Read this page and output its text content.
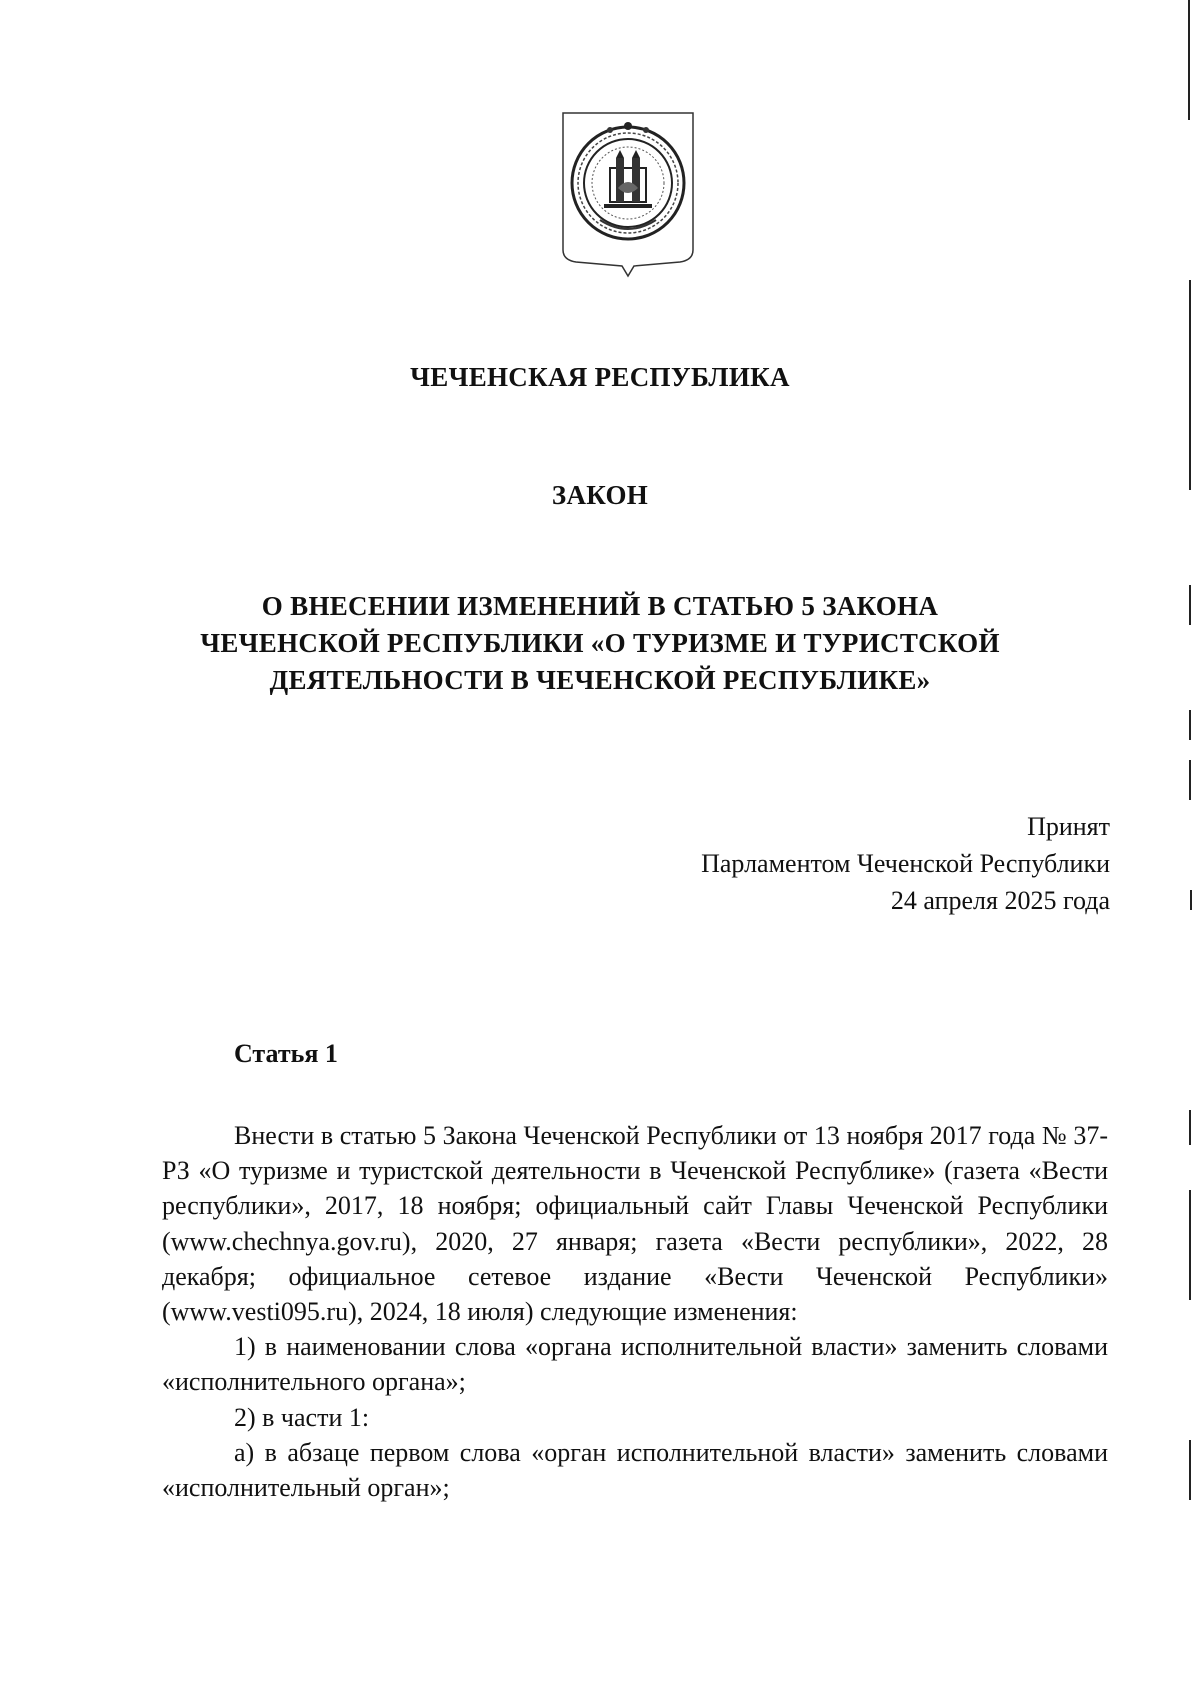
ЧЕЧЕНСКАЯ РЕСПУБЛИКА
ЗАКОН
О ВНЕСЕНИИ ИЗМЕНЕНИЙ В СТАТЬЮ 5 ЗАКОНА
ЧЕЧЕНСКОЙ РЕСПУБЛИКИ «О ТУРИЗМЕ И ТУРИСТСКОЙ
ДЕЯТЕЛЬНОСТИ В ЧЕЧЕНСКОЙ РЕСПУБЛИКЕ»
Принят
Парламентом Чеченской Республики
24 апреля 2025 года
Статья 1

Внести в статью 5 Закона Чеченской Республики от 13 ноября 2017 года № 37-РЗ «О туризме и туристской деятельности в Чеченской Республике» (газета «Вести республики», 2017, 18 ноября; официальный сайт Главы Чеченской Республики (www.chechnya.gov.ru), 2020, 27 января; газета «Вести республики», 2022, 28 декабря; официальное сетевое издание «Вести Чеченской Республики» (www.vesti095.ru), 2024, 18 июля) следующие изменения:

1) в наименовании слова «органа исполнительной власти» заменить словами «исполнительного органа»;

2) в части 1:

а) в абзаце первом слова «орган исполнительной власти» заменить словами «исполнительный орган»;
